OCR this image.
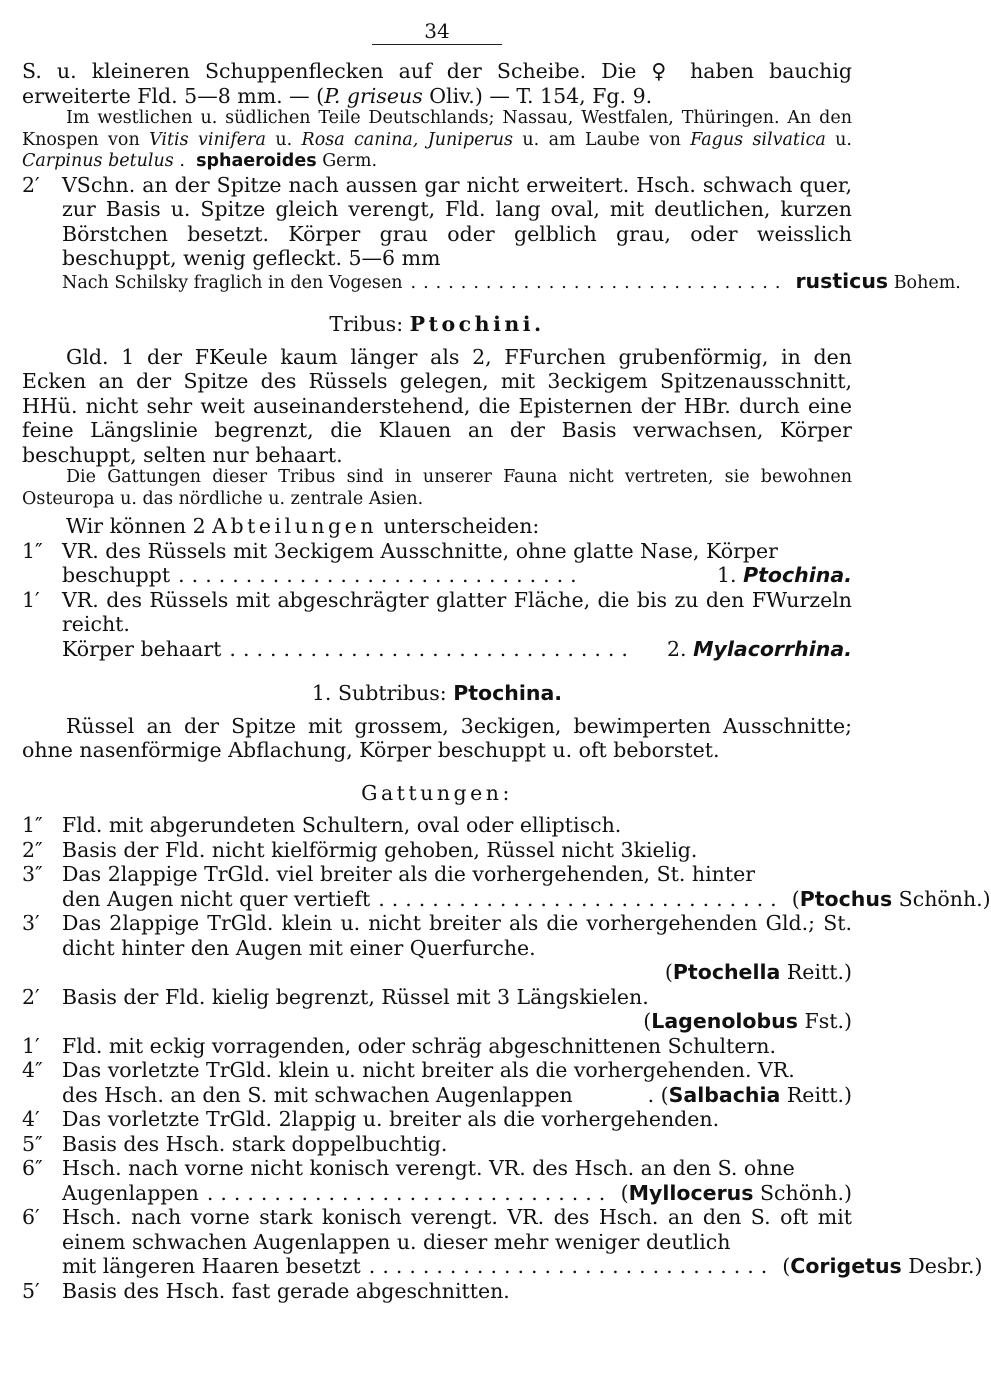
34

S. u. kleineren Schuppenflecken auf der Scheibe. Die ♀ haben bauchig erweiterte Fld. 5—8 mm. — (P. griseus Oliv.) — T. 154, Fg. 9.

Im westlichen u. südlichen Teile Deutschlands; Nassau, Westfalen, Thüringen. An den Knospen von Vitis vinifera u. Rosa canina, Juniperus u. am Laube von Fagus silvatica u. Carpinus betulus . sphaeroides Germ.

2′ VSchn. an der Spitze nach aussen gar nicht erweitert. Hsch. schwach quer, zur Basis u. Spitze gleich verengt, Fld. lang oval, mit deutlichen, kurzen Börstchen besetzt. Körper grau oder gelblich grau, oder weisslich beschuppt, wenig gefleckt. 5—6 mm
Nach Schilsky fraglich in den Vogesen .............................. rusticus Bohem.
Tribus: Ptochini.

Gld. 1 der FKeule kaum länger als 2, FFurchen grubenförmig, in den Ecken an der Spitze des Rüssels gelegen, mit 3eckigem Spitzenausschnitt, HHü. nicht sehr weit auseinanderstehend, die Episternen der HBr. durch eine feine Längslinie begrenzt, die Klauen an der Basis verwachsen, Körper beschuppt, selten nur behaart.

Die Gattungen dieser Tribus sind in unserer Fauna nicht vertreten, sie bewohnen Osteuropa u. das nördliche u. zentrale Asien.

Wir können 2 Abteilungen unterscheiden:

1″ VR. des Rüssels mit 3eckigem Ausschnitte, ohne glatte Nase, Körper
beschuppt ..............................	1. Ptochina.
1′ VR. des Rüssels mit abgeschrägter glatter Fläche, die bis zu den FWurzeln reicht.
Körper behaart ..............................	2. Mylacorrhina.
1. Subtribus: Ptochina.

Rüssel an der Spitze mit grossem, 3eckigen, bewimperten Ausschnitte; ohne nasenförmige Abflachung, Körper beschuppt u. oft beborstet.

Gattungen:
1″ Fld. mit abgerundeten Schultern, oval oder elliptisch.
2″ Basis der Fld. nicht kielförmig gehoben, Rüssel nicht 3kielig.
3″ Das 2lappige TrGld. viel breiter als die vorhergehenden, St. hinter
den Augen nicht quer vertieft .............................. (Ptochus Schönh.)
3′ Das 2lappige TrGld. klein u. nicht breiter als die vorhergehenden Gld.; St. dicht hinter den Augen mit einer Querfurche.
(Ptochella Reitt.)
2′ Basis der Fld. kielig begrenzt, Rüssel mit 3 Längskielen.
(Lagenolobus Fst.)
1′ Fld. mit eckig vorragenden, oder schräg abgeschnittenen Schultern.
4″ Das vorletzte TrGld. klein u. nicht breiter als die vorhergehenden. VR.
des Hsch. an den S. mit schwachen Augenlappen	. (Salbachia Reitt.)
4′ Das vorletzte TrGld. 2lappig u. breiter als die vorhergehenden.
5″ Basis des Hsch. stark doppelbuchtig.
6″ Hsch. nach vorne nicht konisch verengt. VR. des Hsch. an den S. ohne
Augenlappen .............................. (Myllocerus Schönh.)
6′ Hsch. nach vorne stark konisch verengt. VR. des Hsch. an den S. oft mit einem schwachen Augenlappen u. dieser mehr weniger deutlich
mit längeren Haaren besetzt .............................. (Corigetus Desbr.)
5′ Basis des Hsch. fast gerade abgeschnitten.
